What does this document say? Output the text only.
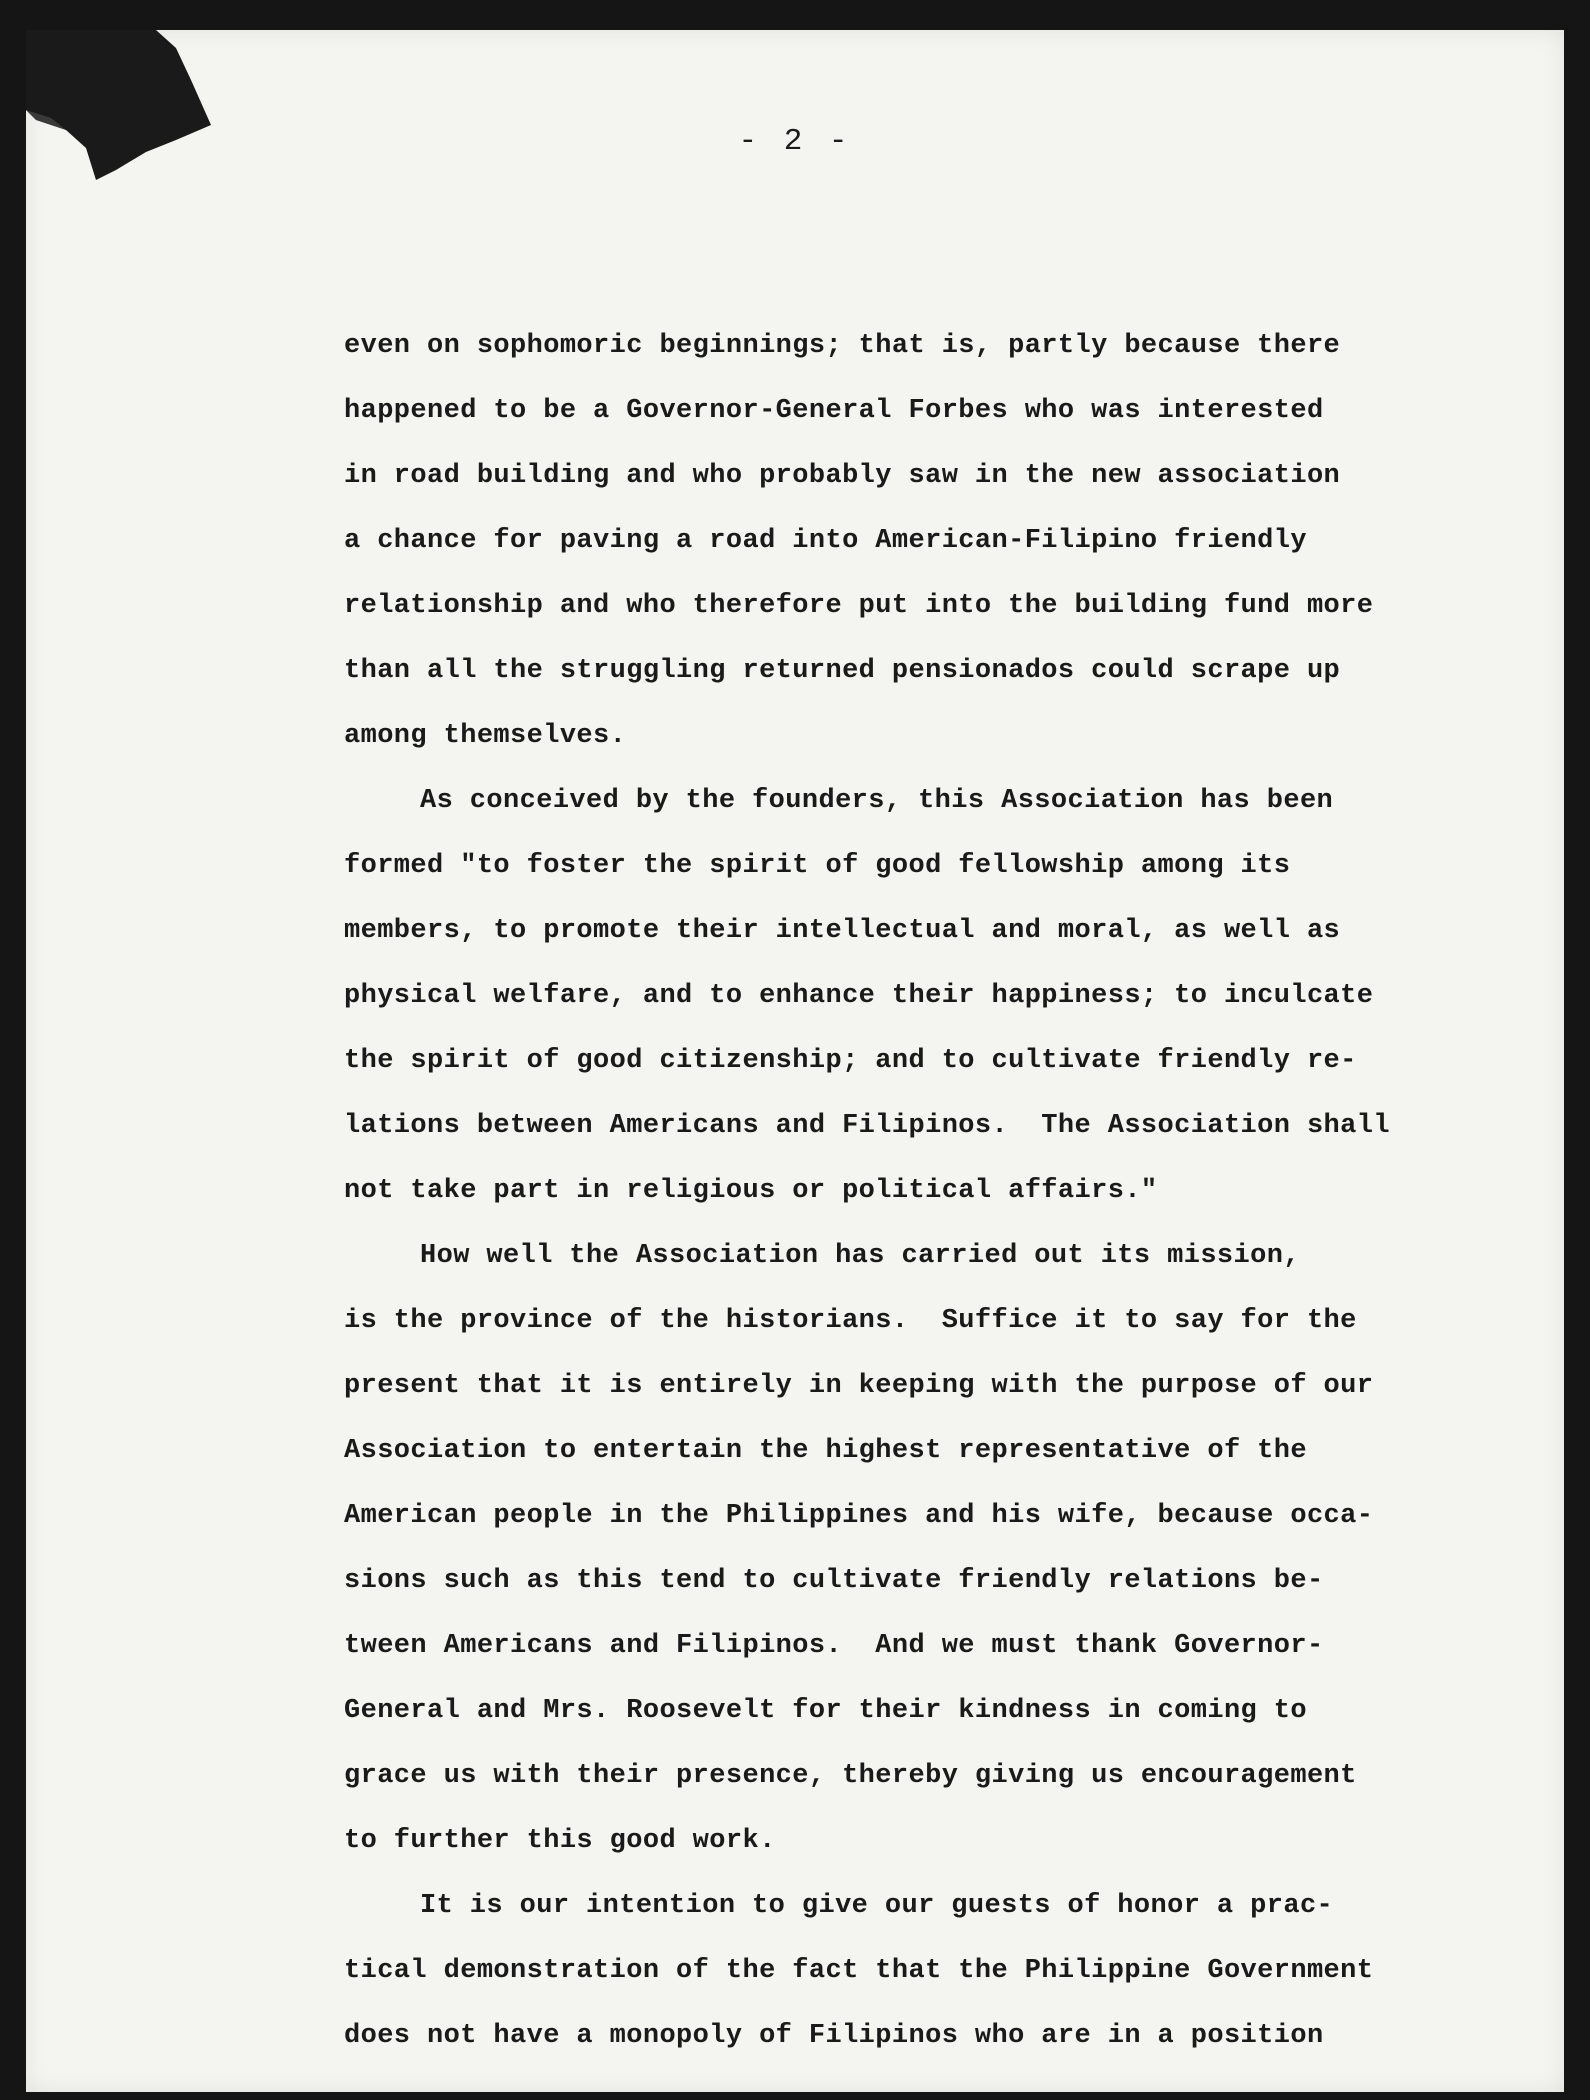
- 2 -
even on sophomoric beginnings; that is, partly because there
happened to be a Governor-General Forbes who was interested
in road building and who probably saw in the new association
a chance for paving a road into American-Filipino friendly
relationship and who therefore put into the building fund more
than all the struggling returned pensionados could scrape up
among themselves.
As conceived by the founders, this Association has been
formed "to foster the spirit of good fellowship among its
members, to promote their intellectual and moral, as well as
physical welfare, and to enhance their happiness; to inculcate
the spirit of good citizenship; and to cultivate friendly re-
lations between Americans and Filipinos.  The Association shall
not take part in religious or political affairs."
How well the Association has carried out its mission,
is the province of the historians.  Suffice it to say for the
present that it is entirely in keeping with the purpose of our
Association to entertain the highest representative of the
American people in the Philippines and his wife, because occa-
sions such as this tend to cultivate friendly relations be-
tween Americans and Filipinos.  And we must thank Governor-
General and Mrs. Roosevelt for their kindness in coming to
grace us with their presence, thereby giving us encouragement
to further this good work.
It is our intention to give our guests of honor a prac-
tical demonstration of the fact that the Philippine Government
does not have a monopoly of Filipinos who are in a position
